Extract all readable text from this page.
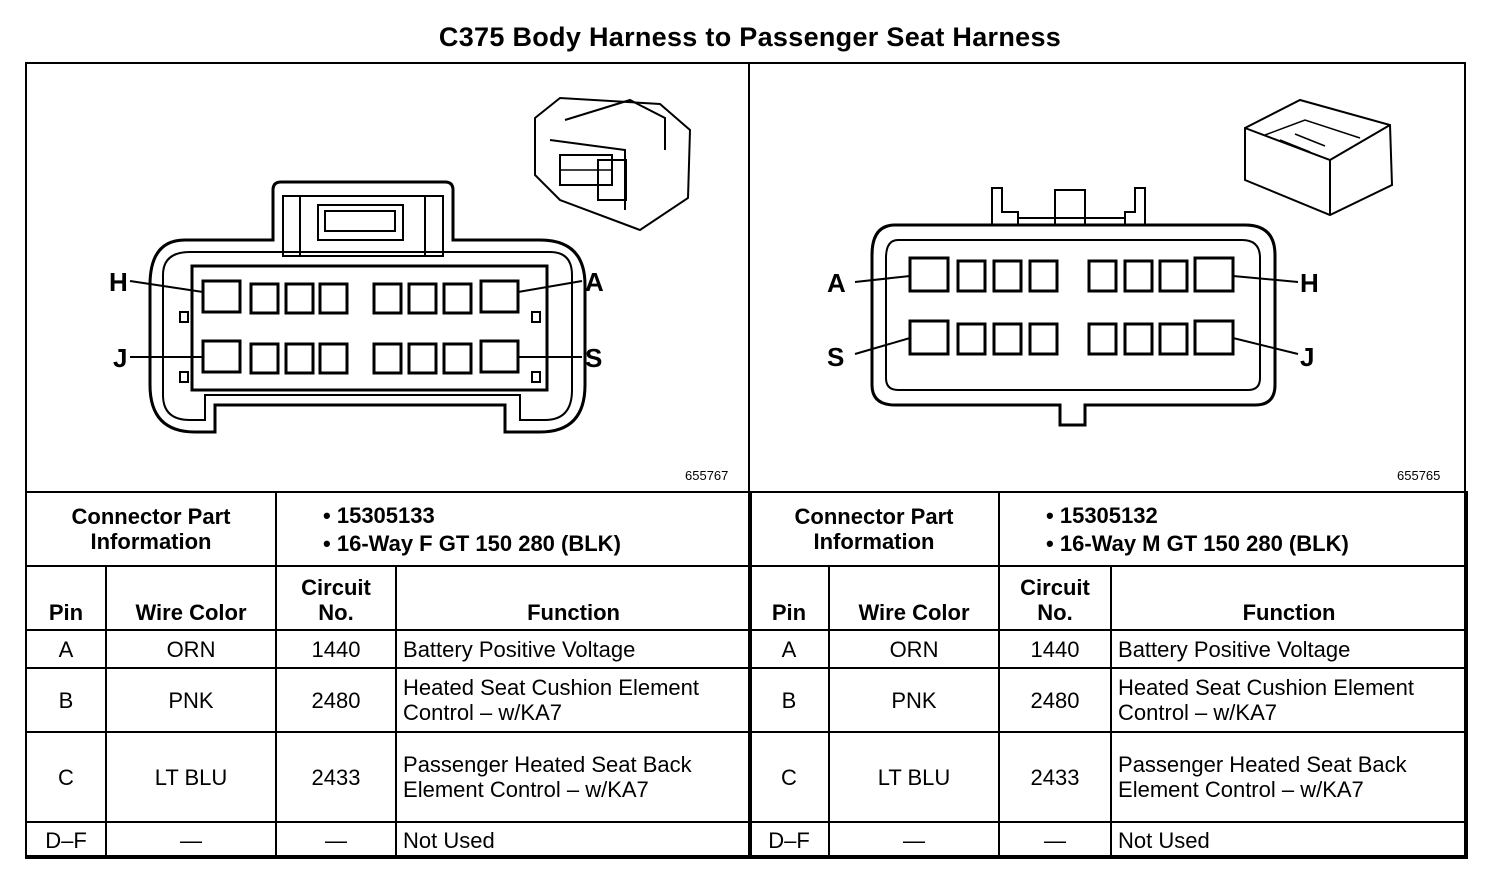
C375 Body Harness to Passenger Seat Harness
H	A
J	S
655767
A	H
S	J
655765
Connector Part Information		• 15305133
• 16-Way F GT 150 280 (BLK)	

Pin	Wire Color	Circuit No.	Function
A	ORN	1440	Battery Positive Voltage
B	PNK	2480	Heated Seat Cushion Element Control – w/KA7
C	LT BLU	2433	Passenger Heated Seat Back Element Control – w/KA7
D–F	—	—	Not Used
Connector Part Information		• 15305132
• 16-Way M GT 150 280 (BLK)	

Pin	Wire Color	Circuit No.	Function
A	ORN	1440	Battery Positive Voltage
B	PNK	2480	Heated Seat Cushion Element Control – w/KA7
C	LT BLU	2433	Passenger Heated Seat Back Element Control – w/KA7
D–F	—	—	Not Used
